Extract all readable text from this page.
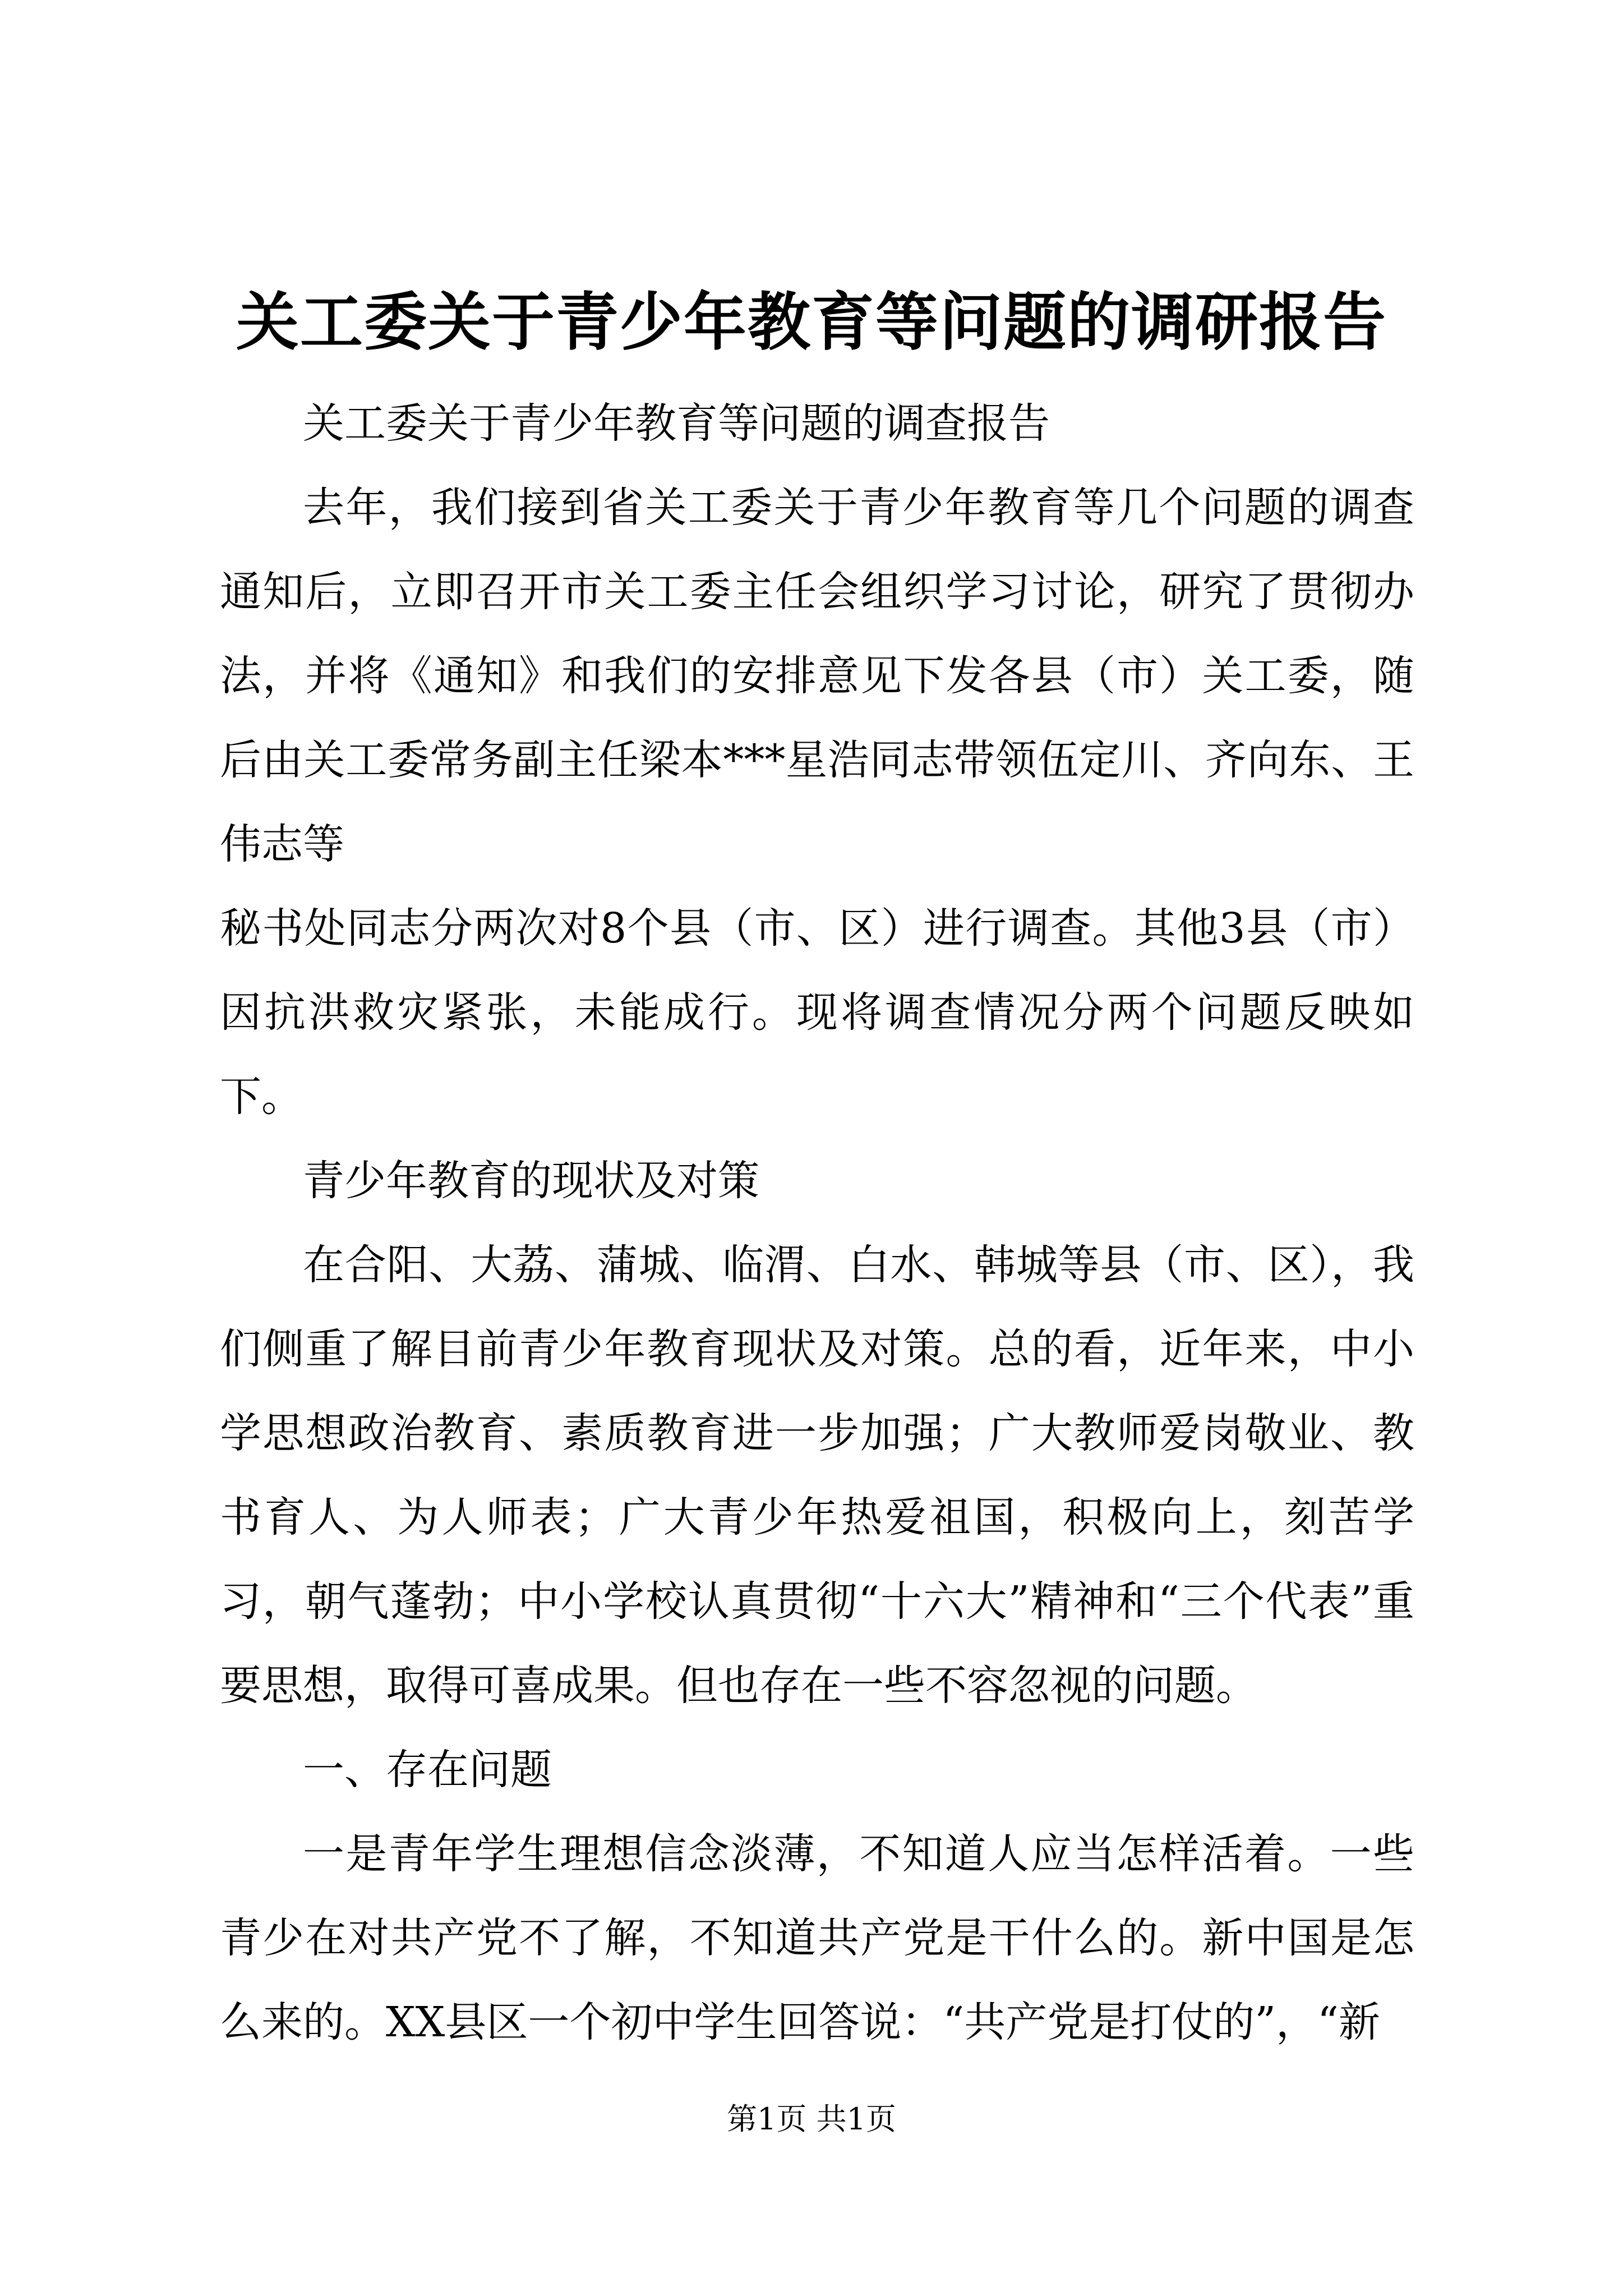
关工委关于青少年教育等问题的调研报告

关工委关于青少年教育等问题的调查报告

去年，我们接到省关工委关于青少年教育等几个问题的调查通知后，立即召开市关工委主任会组织学习讨论，研究了贯彻办法，并将《通知》和我们的安排意见下发各县（市）关工委，随后由关工委常务副主任梁本***星浩同志带领伍定川、齐向东、王伟志等

秘书处同志分两次对8个县（市、区）进行调查。其他3县（市）因抗洪救灾紧张，未能成行。现将调查情况分两个问题反映如下。

青少年教育的现状及对策

在合阳、大荔、蒲城、临渭、白水、韩城等县（市、区），我们侧重了解目前青少年教育现状及对策。总的看，近年来，中小学思想政治教育、素质教育进一步加强；广大教师爱岗敬业、教书育人、为人师表；广大青少年热爱祖国，积极向上，刻苦学习，朝气蓬勃；中小学校认真贯彻“十六大”精神和“三个代表”重要思想，取得可喜成果。但也存在一些不容忽视的问题。

一、存在问题

一是青年学生理想信念淡薄，不知道人应当怎样活着。一些青少在对共产党不了解，不知道共产党是干什么的。新中国是怎么来的。XX县区一个初中学生回答说：“共产党是打仗的”，“新

第1页 共1页
